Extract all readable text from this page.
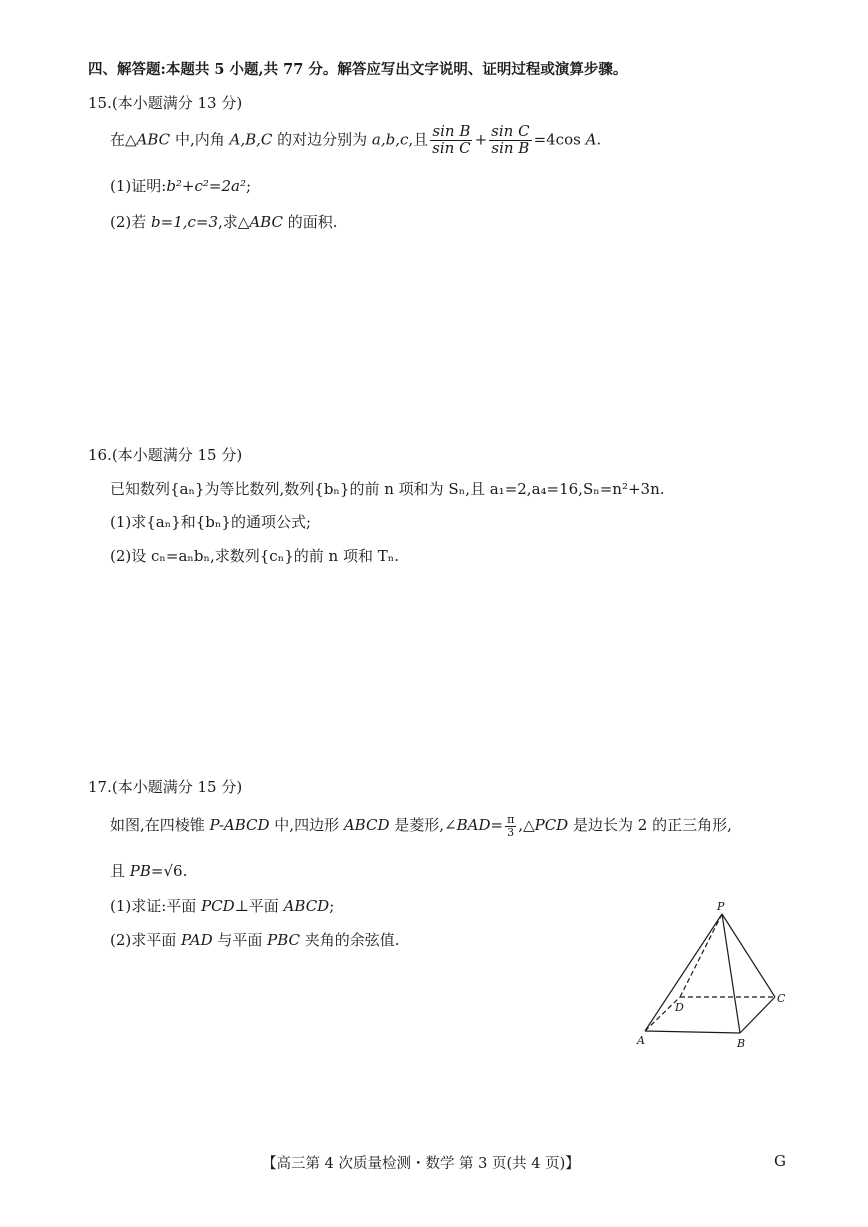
四、解答题:本题共 5 小题,共 77 分。解答应写出文字说明、证明过程或演算步骤。
15.(本小题满分 13 分)
在△ABC 中,内角 A,B,C 的对边分别为 a,b,c,且 $\frac{\text{sin B}}{\text{sin C}} + \frac{\text{sin C}}{\text{sin B}} =4\cos$ A.
(1)证明:b²+c²=2a²;
(2)若 b=1,c=3,求△ABC 的面积.
16.(本小题满分 15 分)
已知数列{aₙ}为等比数列,数列{bₙ}的前 n 项和为 Sₙ,且 a₁=2,a₄=16,Sₙ=n²+3n.
(1)求{aₙ}和{bₙ}的通项公式;
(2)设 cₙ=aₙbₙ,求数列{cₙ}的前 n 项和 Tₙ.
17.(本小题满分 15 分)
如图,在四棱锥 P-ABCD 中,四边形 ABCD 是菱形,∠BAD= $\frac{\pi}{3}$ ,△PCD 是边长为 2 的正三角形,
且 PB=√6.
(1)求证:平面 PCD⊥平面 ABCD;
(2)求平面 PAD 与平面 PBC 夹角的余弦值.
P
A	B
C
D
【高三第 4 次质量检测・数学 第 3 页(共 4 页)】	G
